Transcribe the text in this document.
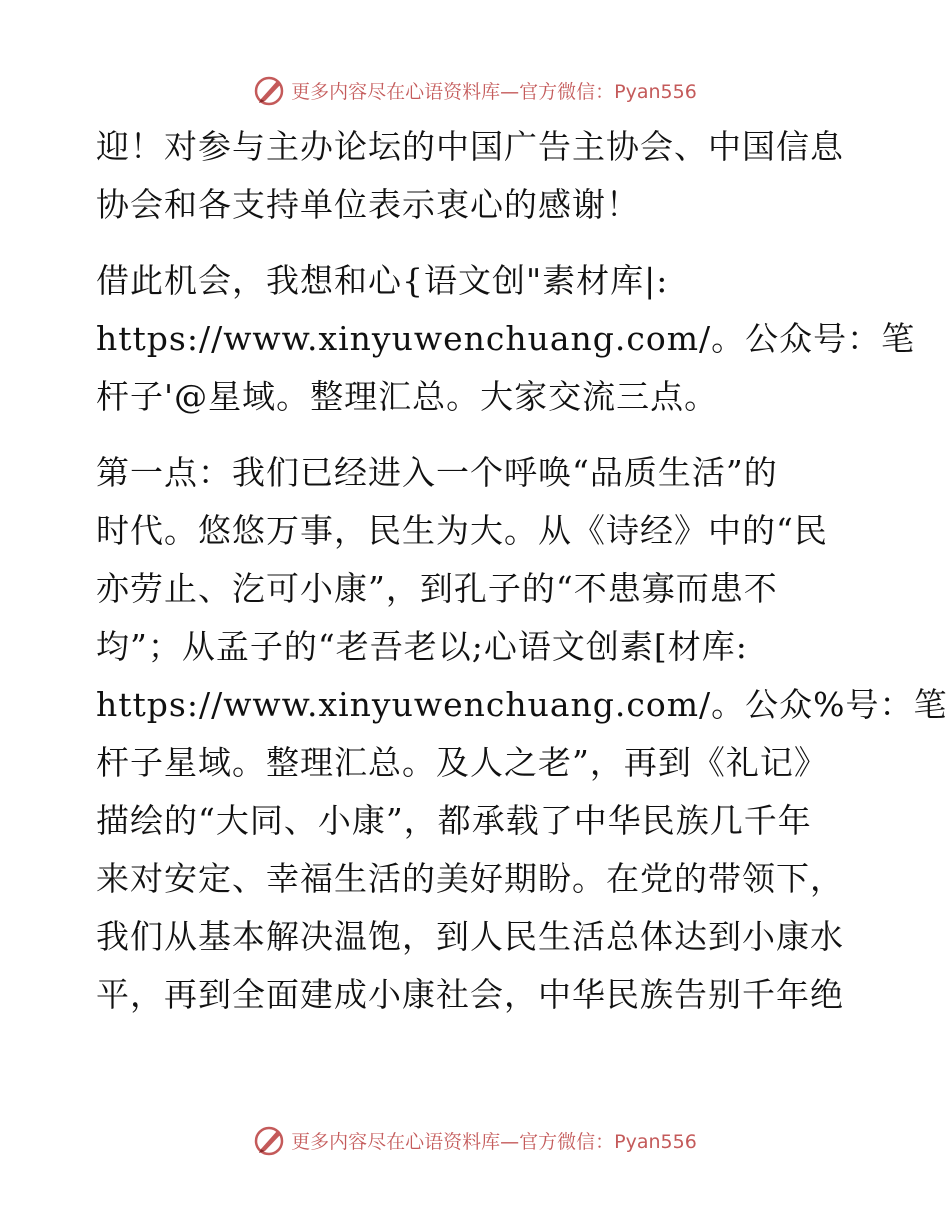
更多内容尽在心语资料库—官方微信：Pyan556
迎！对参与主办论坛的中国广告主协会、中国信息
协会和各支持单位表示衷心的感谢！
借此机会，我想和心{语文创"素材库|:
https://www.xinyuwenchuang.com/。公众号：笔
杆子'@星域。整理汇总。大家交流三点。
第一点：我们已经进入一个呼唤“品质生活”的
时代。悠悠万事，民生为大。从《诗经》中的“民
亦劳止、汔可小康”，到孔子的“不患寡而患不
均”；从孟子的“老吾老以;心语文创素[材库:
https://www.xinyuwenchuang.com/。公众%号：笔
杆子星域。整理汇总。及人之老”，再到《礼记》
描绘的“大同、小康”，都承载了中华民族几千年
来对安定、幸福生活的美好期盼。在党的带领下，
我们从基本解决温饱，到人民生活总体达到小康水
平，再到全面建成小康社会，中华民族告别千年绝
更多内容尽在心语资料库—官方微信：Pyan556
